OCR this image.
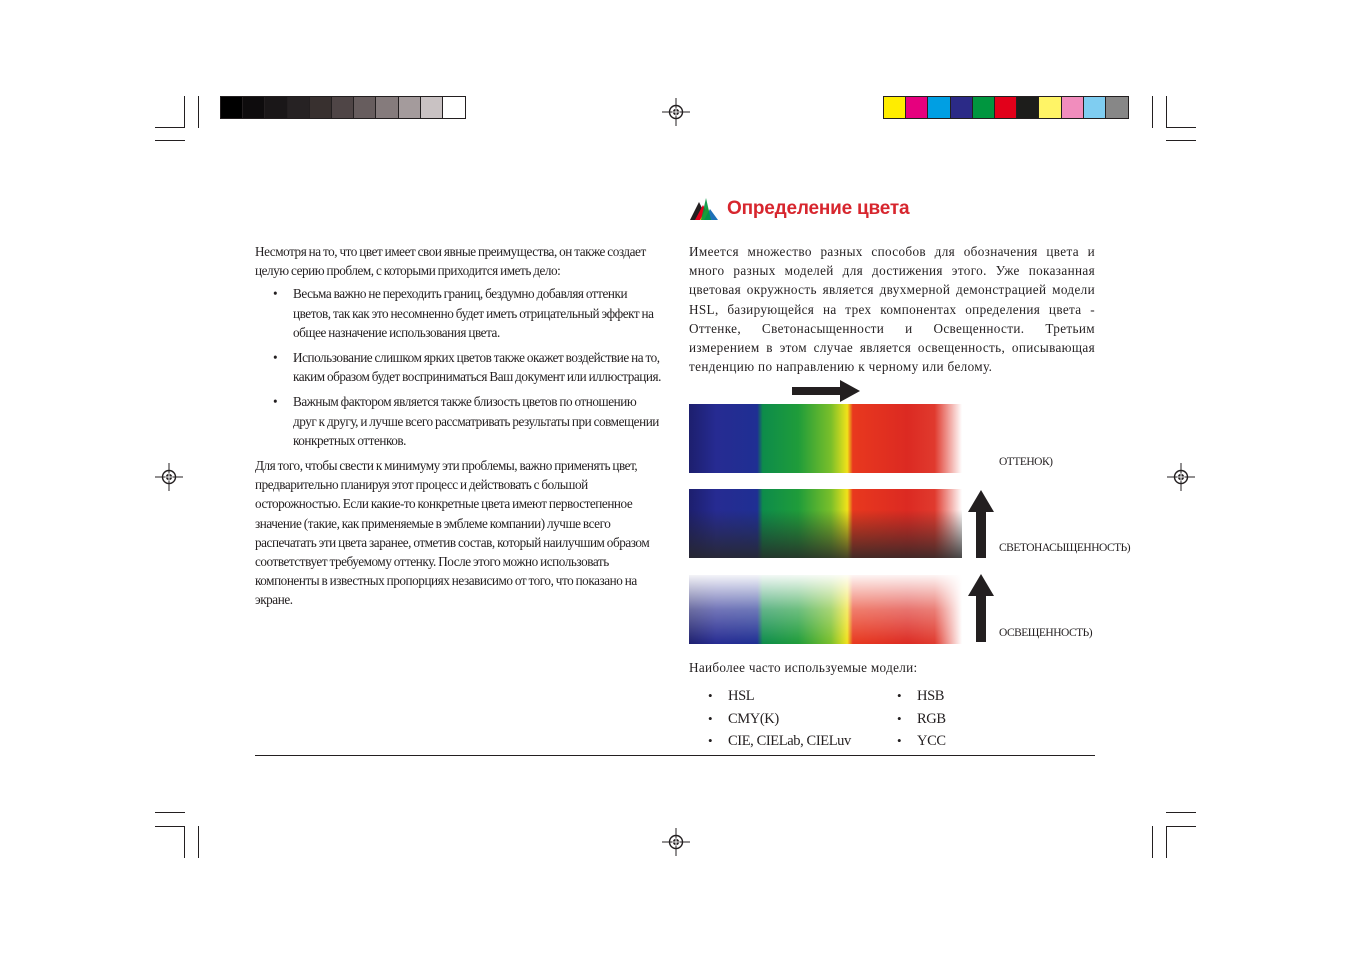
Определение цвета

Несмотря на то, что цвет имеет свои явные преимущества, он также создает целую серию проблем, с которыми приходится иметь дело:

• Весьма важно не переходить границ, бездумно добавляя оттенки цветов, так как это несомненно будет иметь отрицательный эффект на общее назначение использования цвета.
• Использование слишком ярких цветов также окажет воздействие на то, каким образом будет восприниматься Ваш документ или иллюстрация.
• Важным фактором является также близость цветов по отношению друг к другу, и лучше всего рассматривать результаты при совмещении конкретных оттенков.

Для того, чтобы свести к минимуму эти проблемы, важно применять цвет, предварительно планируя этот процесс и действовать с большой осторожностью. Если какие-то конкретные цвета имеют первостепенное значение (такие, как применяемые в эмблеме компании) лучше всего распечатать эти цвета заранее, отметив состав, который наилучшим образом соответствует требуемому оттенку. После этого можно использовать компоненты в известных пропорциях независимо от того, что показано на экране.

Имеется множество разных способов для обозначения цвета и много разных моделей для достижения этого. Уже показанная цветовая окружность является двухмерной демонстрацией модели HSL, базирующейся на трех компонентах определения цвета - Оттенке, Светонасыщенности и Освещенности. Третьим измерением в этом случае является освещенность, описывающая тенденцию по направлению к черному или белому.

ОТТЕНОК)
СВЕТОНАСЫЩЕННОСТЬ)
ОСВЕЩЕННОСТЬ)

Наиболее часто используемые модели:

• HSL
• CMY(K)
• CIE, CIELab, CIELuv
• HSB
• RGB
• YCC
